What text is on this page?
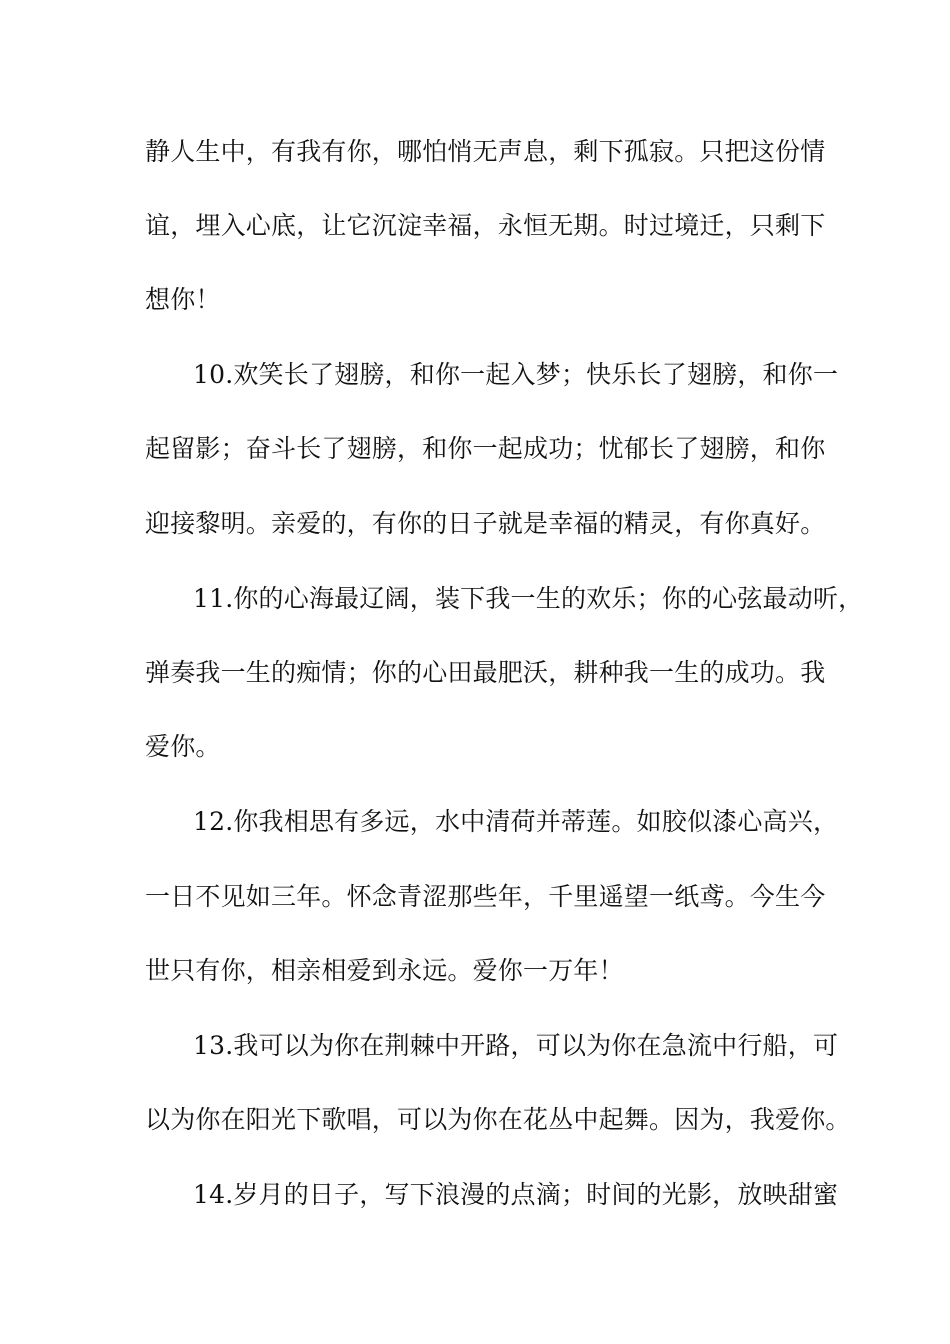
静人生中，有我有你，哪怕悄无声息，剩下孤寂。只把这份情
谊，埋入心底，让它沉淀幸福，永恒无期。时过境迁，只剩下
想你！
10.欢笑长了翅膀，和你一起入梦；快乐长了翅膀，和你一
起留影；奋斗长了翅膀，和你一起成功；忧郁长了翅膀，和你
迎接黎明。亲爱的，有你的日子就是幸福的精灵，有你真好。
11.你的心海最辽阔，装下我一生的欢乐；你的心弦最动听，
弹奏我一生的痴情；你的心田最肥沃，耕种我一生的成功。我
爱你。
12.你我相思有多远，水中清荷并蒂莲。如胶似漆心高兴，
一日不见如三年。怀念青涩那些年，千里遥望一纸鸢。今生今
世只有你，相亲相爱到永远。爱你一万年！
13.我可以为你在荆棘中开路，可以为你在急流中行船，可
以为你在阳光下歌唱，可以为你在花丛中起舞。因为，我爱你。
14.岁月的日子，写下浪漫的点滴；时间的光影，放映甜蜜
